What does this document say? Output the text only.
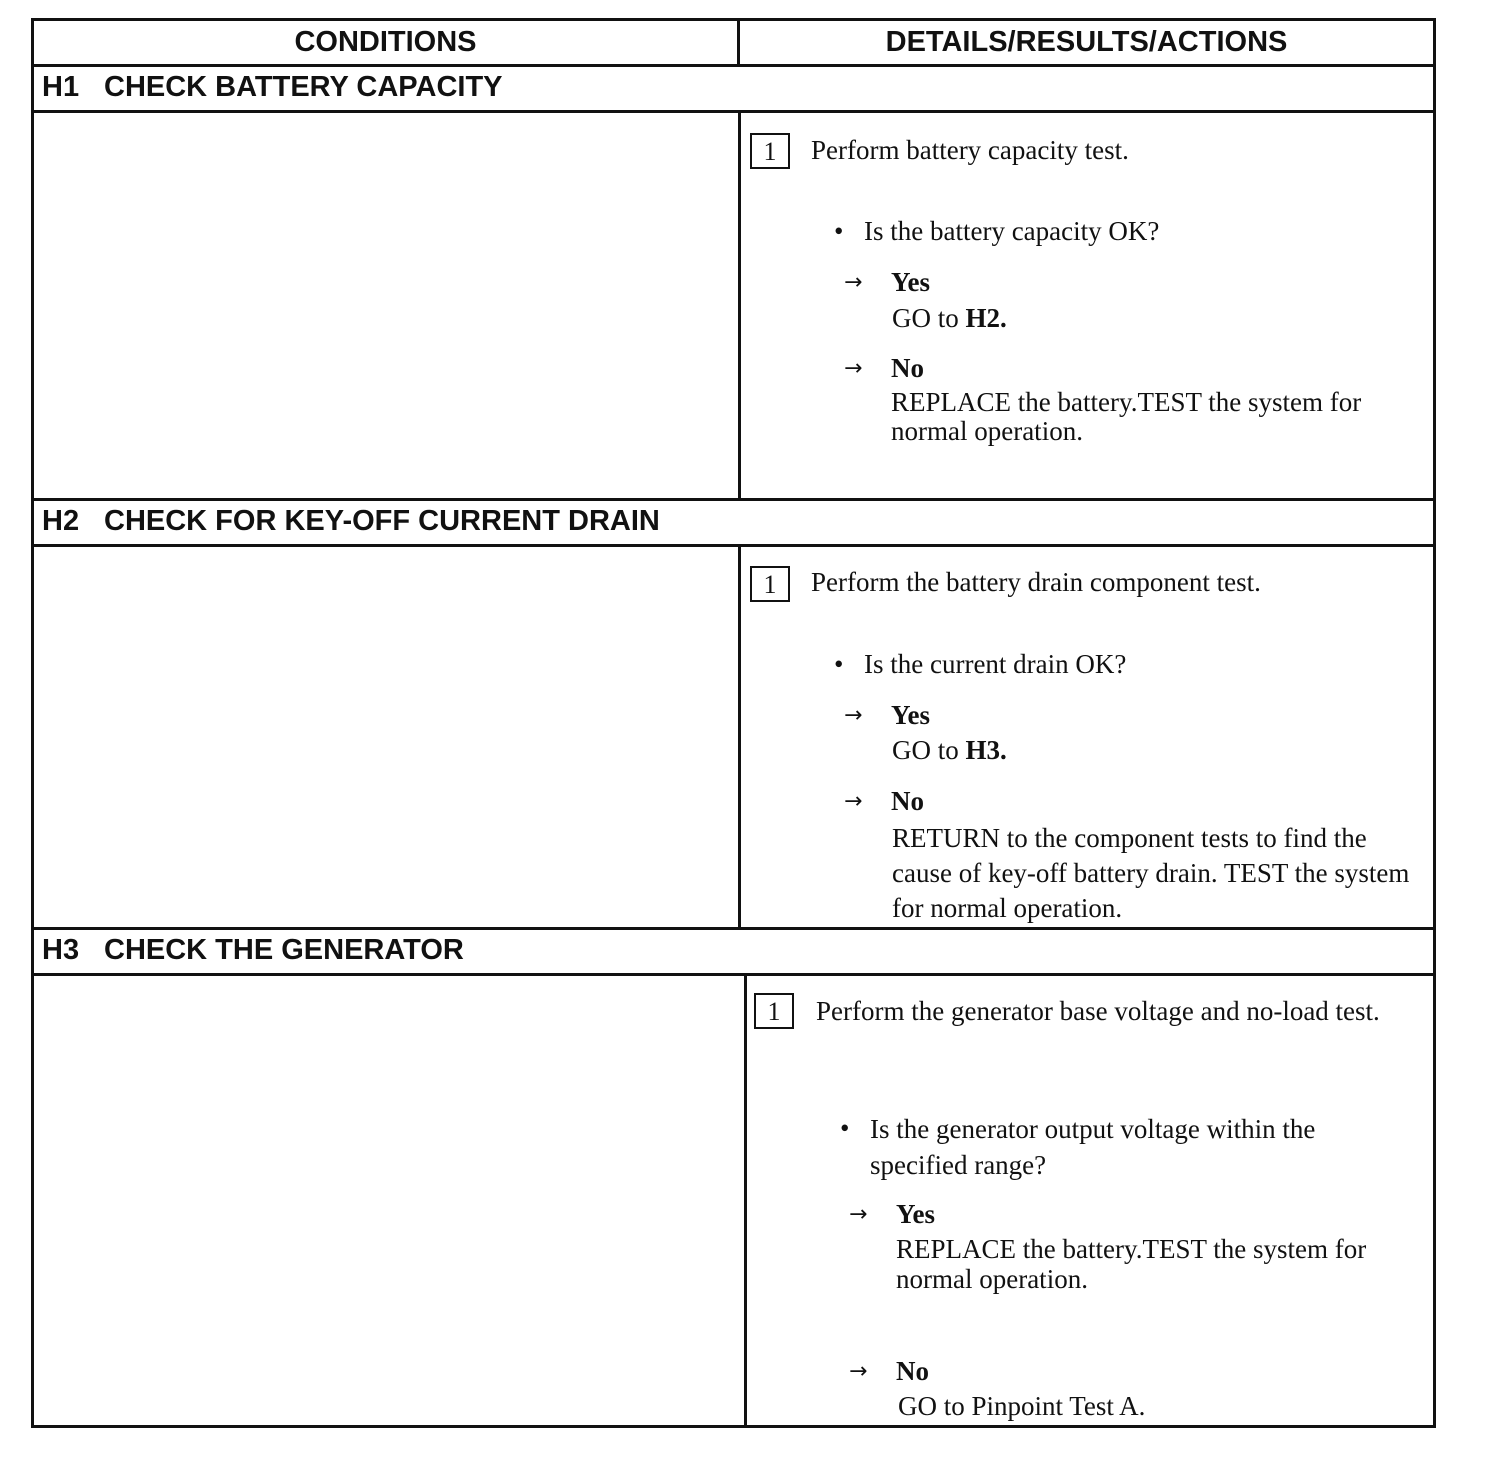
CONDITIONS	DETAILS/RESULTS/ACTIONS
H1 CHECK BATTERY CAPACITY
1	Perform battery capacity test.
• Is the battery capacity OK?
→ Yes
GO to H2.
→ No
REPLACE the battery.TEST the system for normal operation.
H2 CHECK FOR KEY-OFF CURRENT DRAIN
1	Perform the battery drain component test.
• Is the current drain OK?
→ Yes
GO to H3.
→ No
RETURN to the component tests to find the cause of key-off battery drain. TEST the system for normal operation.
H3 CHECK THE GENERATOR
1	Perform the generator base voltage and no-load test.
• Is the generator output voltage within the specified range?
→ Yes
REPLACE the battery.TEST the system for normal operation.
→ No
GO to Pinpoint Test A.
